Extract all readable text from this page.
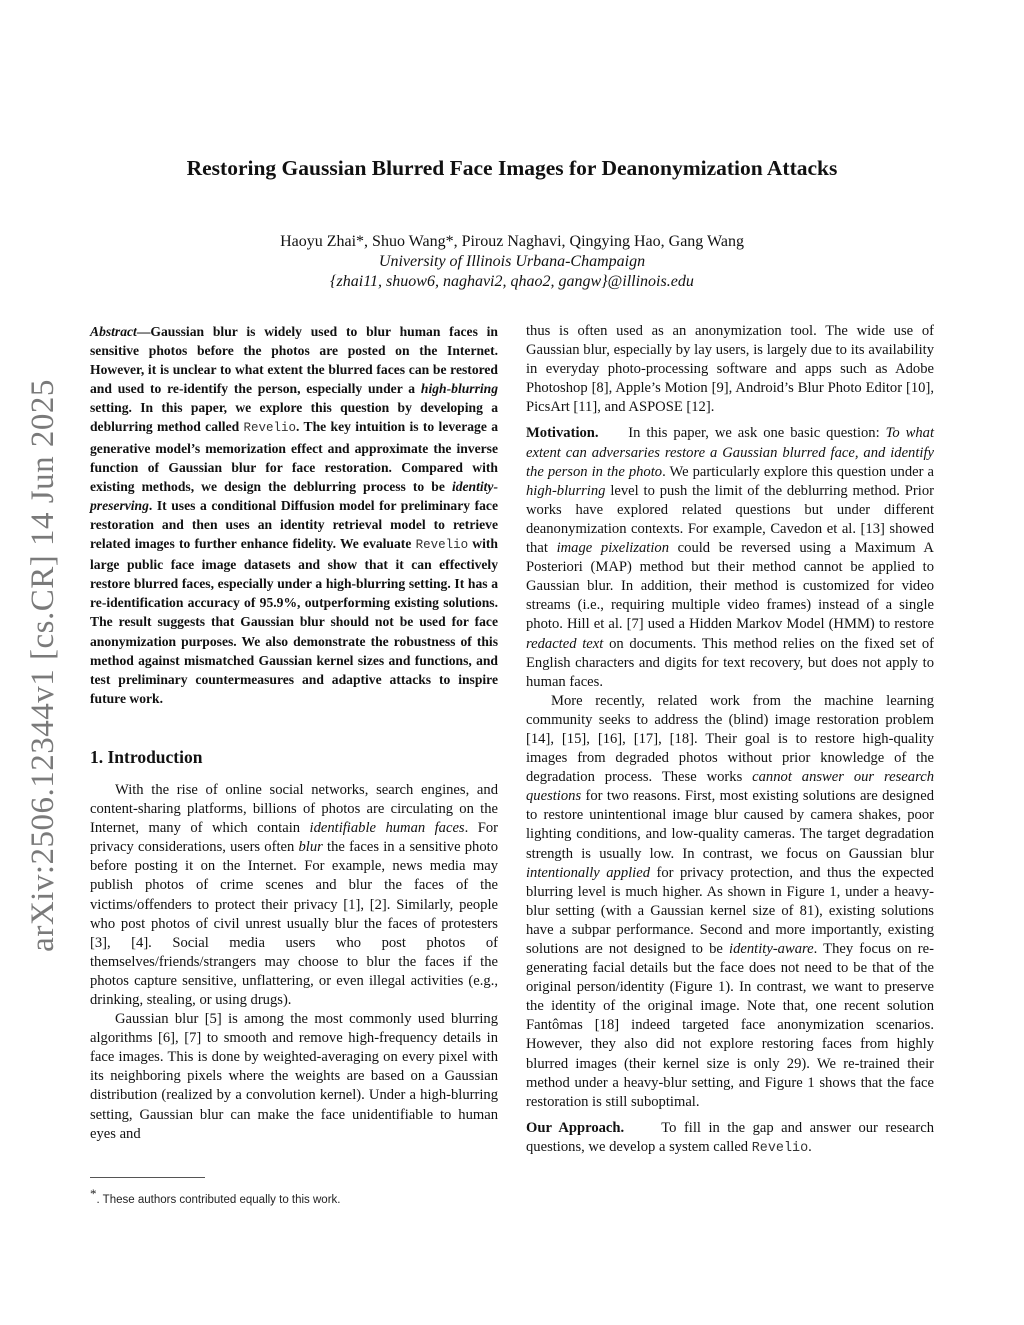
arXiv:2506.12344v1 [cs.CR] 14 Jun 2025
Restoring Gaussian Blurred Face Images for Deanonymization Attacks
Haoyu Zhai*, Shuo Wang*, Pirouz Naghavi, Qingying Hao, Gang Wang
University of Illinois Urbana-Champaign
{zhai11, shuow6, naghavi2, qhao2, gangw}@illinois.edu

Abstract—Gaussian blur is widely used to blur human faces in sensitive photos before the photos are posted on the Internet. However, it is unclear to what extent the blurred faces can be restored and used to re-identify the person, especially under a high-blurring setting. In this paper, we explore this question by developing a deblurring method called Revelio. The key intuition is to leverage a generative model’s memorization effect and approximate the inverse function of Gaussian blur for face restoration. Compared with existing methods, we design the deblurring process to be identity-preserving. It uses a conditional Diffusion model for preliminary face restoration and then uses an identity retrieval model to retrieve related images to further enhance fidelity. We evaluate Revelio with large public face image datasets and show that it can effectively restore blurred faces, especially under a high-blurring setting. It has a re-identification accuracy of 95.9%, outperforming existing solutions. The result suggests that Gaussian blur should not be used for face anonymization purposes. We also demonstrate the robustness of this method against mismatched Gaussian kernel sizes and functions, and test preliminary countermeasures and adaptive attacks to inspire future work.

1. Introduction

With the rise of online social networks, search engines, and content-sharing platforms, billions of photos are circulating on the Internet, many of which contain identifiable human faces. For privacy considerations, users often blur the faces in a sensitive photo before posting it on the Internet. For example, news media may publish photos of crime scenes and blur the faces of the victims/offenders to protect their privacy [1], [2]. Similarly, people who post photos of civil unrest usually blur the faces of protesters [3], [4]. Social media users who post photos of themselves/friends/strangers may choose to blur the faces if the photos capture sensitive, unflattering, or even illegal activities (e.g., drinking, stealing, or using drugs).

Gaussian blur [5] is among the most commonly used blurring algorithms [6], [7] to smooth and remove high-frequency details in face images. This is done by weighted-averaging on every pixel with its neighboring pixels where the weights are based on a Gaussian distribution (realized by a convolution kernel). Under a high-blurring setting, Gaussian blur can make the face unidentifiable to human eyes and

thus is often used as an anonymization tool. The wide use of Gaussian blur, especially by lay users, is largely due to its availability in everyday photo-processing software and apps such as Adobe Photoshop [8], Apple’s Motion [9], Android’s Blur Photo Editor [10], PicsArt [11], and ASPOSE [12].

Motivation. In this paper, we ask one basic question: To what extent can adversaries restore a Gaussian blurred face, and identify the person in the photo. We particularly explore this question under a high-blurring level to push the limit of the deblurring method. Prior works have explored related questions but under different deanonymization contexts. For example, Cavedon et al. [13] showed that image pixelization could be reversed using a Maximum A Posteriori (MAP) method but their method cannot be applied to Gaussian blur. In addition, their method is customized for video streams (i.e., requiring multiple video frames) instead of a single photo. Hill et al. [7] used a Hidden Markov Model (HMM) to restore redacted text on documents. This method relies on the fixed set of English characters and digits for text recovery, but does not apply to human faces.

More recently, related work from the machine learning community seeks to address the (blind) image restoration problem [14], [15], [16], [17], [18]. Their goal is to restore high-quality images from degraded photos without prior knowledge of the degradation process. These works cannot answer our research questions for two reasons. First, most existing solutions are designed to restore unintentional image blur caused by camera shakes, poor lighting conditions, and low-quality cameras. The target degradation strength is usually low. In contrast, we focus on Gaussian blur intentionally applied for privacy protection, and thus the expected blurring level is much higher. As shown in Figure 1, under a heavy-blur setting (with a Gaussian kernel size of 81), existing solutions have a subpar performance. Second and more importantly, existing solutions are not designed to be identity-aware. They focus on re-generating facial details but the face does not need to be that of the original person/identity (Figure 1). In contrast, we want to preserve the identity of the original image. Note that, one recent solution Fantômas [18] indeed targeted face anonymization scenarios. However, they also did not explore restoring faces from highly blurred images (their kernel size is only 29). We re-trained their method under a heavy-blur setting, and Figure 1 shows that the face restoration is still suboptimal.

Our Approach.	To fill in the gap and answer our research questions, we develop a system called Revelio.

*. These authors contributed equally to this work.
